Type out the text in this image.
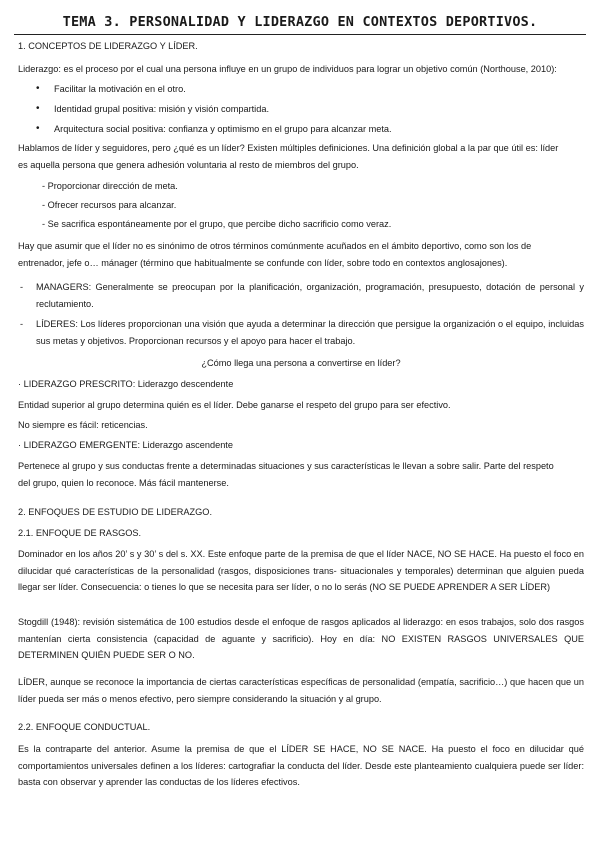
TEMA 3. PERSONALIDAD Y LIDERAZGO EN CONTEXTOS DEPORTIVOS.
1. CONCEPTOS DE LIDERAZGO Y LÍDER.
Liderazgo: es el proceso por el cual una persona influye en un grupo de individuos para lograr un objetivo común (Northouse, 2010):
• Facilitar la motivación en el otro.
• Identidad grupal positiva: misión y visión compartida.
• Arquitectura social positiva: confianza y optimismo en el grupo para alcanzar meta.
Hablamos de líder y seguidores, pero ¿qué es un líder? Existen múltiples definiciones. Una definición global a la par que útil es: líder
es aquella persona que genera adhesión voluntaria al resto de miembros del grupo.
- Proporcionar dirección de meta.
- Ofrecer recursos para alcanzar.
- Se sacrifica espontáneamente por el grupo, que percibe dicho sacrificio como veraz.
Hay que asumir que el líder no es sinónimo de otros términos comúnmente acuñados en el ámbito deportivo, como son los de
entrenador, jefe o… mánager (término que habitualmente se confunde con líder, sobre todo en contextos anglosajones).
- MANAGERS: Generalmente se preocupan por la planificación, organización, programación, presupuesto, dotación de personal y reclutamiento.
- LÍDERES: Los líderes proporcionan una visión que ayuda a determinar la dirección que persigue la organización o el equipo, incluidas sus metas y objetivos. Proporcionan recursos y el apoyo para hacer el trabajo.
¿Cómo llega una persona a convertirse en líder?
· LIDERAZGO PRESCRITO: Liderazgo descendente
Entidad superior al grupo determina quién es el líder. Debe ganarse el respeto del grupo para ser efectivo.
No siempre es fácil: reticencias.
· LIDERAZGO EMERGENTE: Liderazgo ascendente
Pertenece al grupo y sus conductas frente a determinadas situaciones y sus características le llevan a sobre salir. Parte del respeto
del grupo, quien lo reconoce. Más fácil mantenerse.
2. ENFOQUES DE ESTUDIO DE LIDERAZGO.
2.1. ENFOQUE DE RASGOS.
Dominador en los años 20’ s y 30’ s del s. XX. Este enfoque parte de la premisa de que el líder NACE, NO SE HACE. Ha puesto el foco en dilucidar qué características de la personalidad (rasgos, disposiciones trans- situacionales y temporales) determinan que alguien pueda llegar ser líder. Consecuencia: o tienes lo que se necesita para ser líder, o no lo serás (NO SE PUEDE APRENDER A SER LÍDER)
Stogdill (1948): revisión sistemática de 100 estudios desde el enfoque de rasgos aplicados al liderazgo: en esos trabajos, solo dos rasgos mantenían cierta consistencia (capacidad de aguante y sacrificio). Hoy en día: NO EXISTEN RASGOS UNIVERSALES QUE DETERMINEN QUIÉN PUEDE SER O NO.
LÍDER, aunque se reconoce la importancia de ciertas características específicas de personalidad (empatía, sacrificio…) que hacen que un líder pueda ser más o menos efectivo, pero siempre considerando la situación y al grupo.
2.2. ENFOQUE CONDUCTUAL.
Es la contraparte del anterior. Asume la premisa de que el LÍDER SE HACE, NO SE NACE. Ha puesto el foco en dilucidar qué comportamientos universales definen a los líderes: cartografiar la conducta del líder. Desde este planteamiento cualquiera puede ser líder: basta con observar y aprender las conductas de los líderes efectivos.
